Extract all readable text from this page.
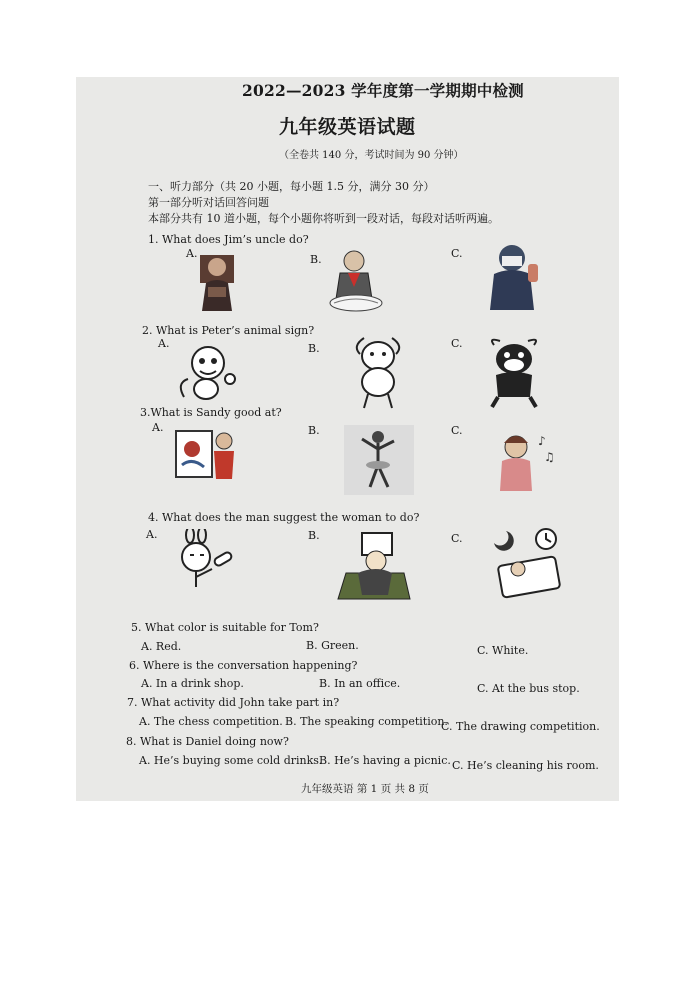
2022—2023 学年度第一学期期中检测
九年级英语试题
（全卷共 140 分，考试时间为 90 分钟）
一、听力部分（共 20 小题，每小题 1.5 分，满分 30 分）
第一部分听对话回答问题
本部分共有 10 道小题，每个小题你将听到一段对话，每段对话听两遍。
1. What does Jim’s uncle do?
A.	B.	C.
2. What is Peter’s animal sign?
A.	B.	C.
3.What is Sandy good at?
A.	B.	C.
♪
♫
4. What does the man suggest the woman to do?
A.	B.	C.
5. What color is suitable for Tom?
A. Red.	B. Green.	C. White.
6. Where is the conversation happening?
A. In a drink shop.	B. In an office.	C. At the bus stop.
7. What activity did John take part in?
A. The chess competition. B. The speaking competition.
C. The drawing competition.
8. What is Daniel doing now?
A. He’s buying some cold drinks.
B. He’s having a picnic. C. He’s cleaning his room.
九年级英语 第 1 页 共 8 页
